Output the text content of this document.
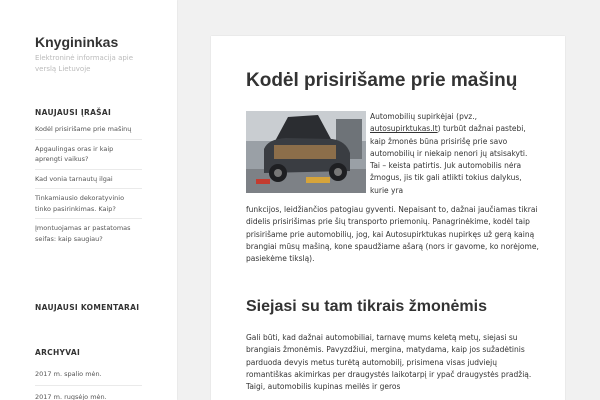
Knygininkas
Elektroninė informacija apie verslą Lietuvoje
NAUJAUSI ĮRAŠAI
Kodėl prisirišame prie mašinų
Apgaulingas oras ir kaip aprengti vaikus?
Kad vonia tarnautų ilgai
Tinkamiausio dekoratyvinio tinko pasirinkimas. Kaip?
Įmontuojamas ar pastatomas seifas: kaip saugiau?
NAUJAUSI KOMENTARAI
ARCHYVAI
2017 m. spalio mėn.
2017 m. rugsėjo mėn.
Kodėl prisirišame prie mašinų

Automobilių supirkėjai (pvz., autosupirktukas.lt) turbūt dažnai pastebi, kaip žmonės būna prisirišę prie savo automobilių ir niekaip nenori jų atsisakyti. Tai – keista patirtis. Juk automobilis nėra žmogus, jis tik gali atlikti tokius dalykus, kurie yra

funkcijos, leidžiančios patogiau gyventi. Nepaisant to, dažnai jaučiamas tikrai didelis prisirišimas prie šių transporto priemonių. Panagrinėkime, kodėl taip prisirišame prie automobilių, jog, kai Autosupirktukas nupirkęs už gerą kainą brangiai mūsų mašiną, kone spaudžiame ašarą (nors ir gavome, ko norėjome, pasiekėme tikslą).

Siejasi su tam tikrais žmonėmis

Gali būti, kad dažnai automobiliai, tarnavę mums keletą metų, siejasi su brangiais žmonėmis. Pavyzdžiui, mergina, matydama, kaip jos sužadėtinis parduoda devyis metus turėtą automobilį, prisimena visas judviejų romantiškas akimirkas per draugystės laikotarpį ir ypač draugystės pradžią. Taigi, automobilis kupinas meilės ir geros
